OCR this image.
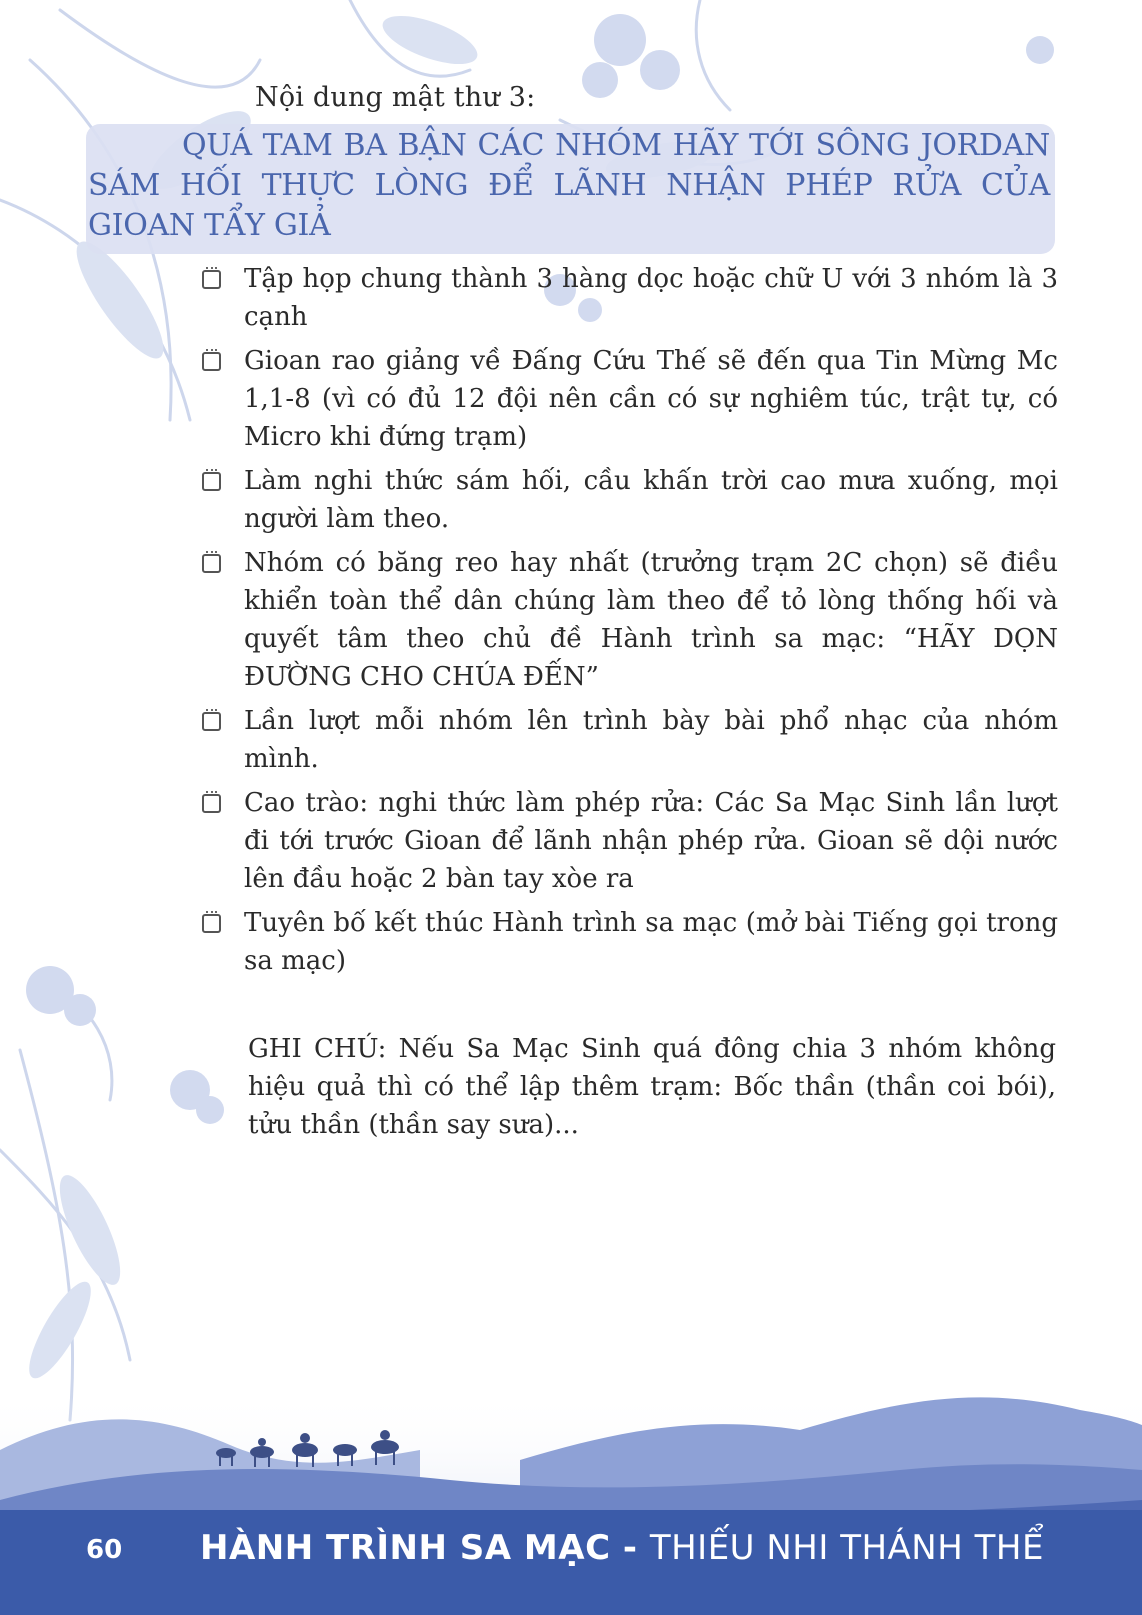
Nội dung mật thư 3:

QUÁ TAM BA BẬN CÁC NHÓM HÃY TỚI SÔNG JORDAN SÁM HỐI THỰC LÒNG ĐỂ LÃNH NHẬN PHÉP RỬA CỦA GIOAN TẨY GIẢ

Tập họp chung thành 3 hàng dọc hoặc chữ U với 3 nhóm là 3 cạnh
Gioan rao giảng về Đấng Cứu Thế sẽ đến qua Tin Mừng Mc 1,1-8 (vì có đủ 12 đội nên cần có sự nghiêm túc, trật tự, có Micro khi đứng trạm)
Làm nghi thức sám hối, cầu khấn trời cao mưa xuống, mọi người làm theo.
Nhóm có băng reo hay nhất (trưởng trạm 2C chọn) sẽ điều khiển toàn thể dân chúng làm theo để tỏ lòng thống hối và quyết tâm theo chủ đề Hành trình sa mạc: “HÃY DỌN ĐƯỜNG CHO CHÚA ĐẾN”
Lần lượt mỗi nhóm lên trình bày bài phổ nhạc của nhóm mình.
Cao trào: nghi thức làm phép rửa: Các Sa Mạc Sinh lần lượt đi tới trước Gioan để lãnh nhận phép rửa. Gioan sẽ dội nước lên đầu hoặc 2 bàn tay xòe ra
Tuyên bố kết thúc Hành trình sa mạc (mở bài Tiếng gọi trong sa mạc)
GHI CHÚ: Nếu Sa Mạc Sinh quá đông chia 3 nhóm không hiệu quả thì có thể lập thêm trạm: Bốc thần (thần coi bói), tửu thần (thần say sưa)...
60 HÀNH TRÌNH SA MẠC - THIẾU NHI THÁNH THỂ
